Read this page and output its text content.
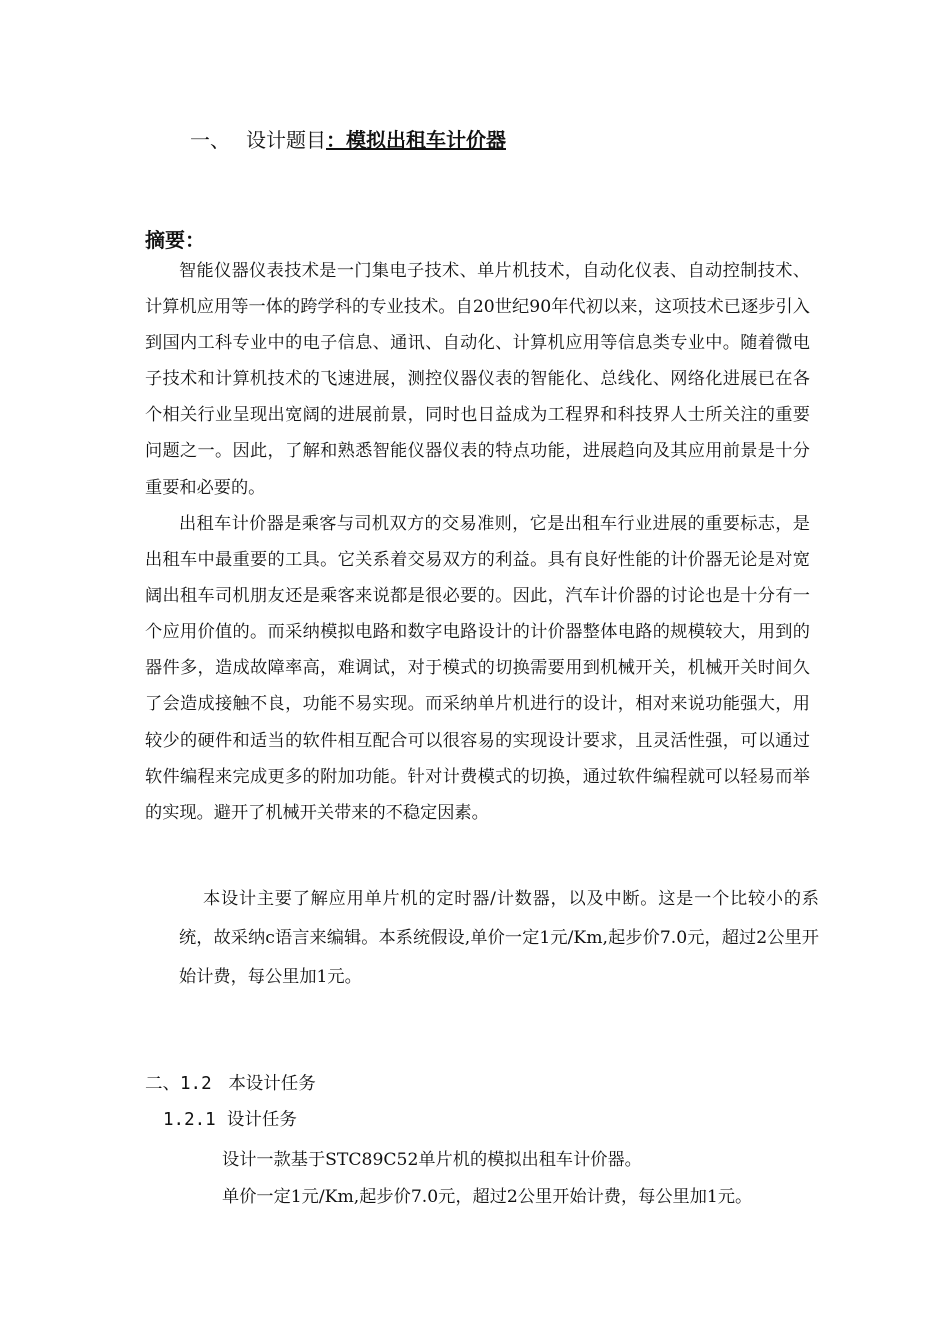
一、 设计题目：模拟出租车计价器
摘要：

智能仪器仪表技术是一门集电子技术、单片机技术，自动化仪表、自动控制技术、计算机应用等一体的跨学科的专业技术。自20世纪90年代初以来，这项技术已逐步引入到国内工科专业中的电子信息、通讯、自动化、计算机应用等信息类专业中。随着微电子技术和计算机技术的飞速进展，测控仪器仪表的智能化、总线化、网络化进展已在各个相关行业呈现出宽阔的进展前景，同时也日益成为工程界和科技界人士所关注的重要问题之一。因此，了解和熟悉智能仪器仪表的特点功能，进展趋向及其应用前景是十分重要和必要的。

出租车计价器是乘客与司机双方的交易准则，它是出租车行业进展的重要标志，是出租车中最重要的工具。它关系着交易双方的利益。具有良好性能的计价器无论是对宽阔出租车司机朋友还是乘客来说都是很必要的。因此，汽车计价器的讨论也是十分有一个应用价值的。而采纳模拟电路和数字电路设计的计价器整体电路的规模较大，用到的器件多，造成故障率高，难调试，对于模式的切换需要用到机械开关，机械开关时间久了会造成接触不良，功能不易实现。而采纳单片机进行的设计，相对来说功能强大，用较少的硬件和适当的软件相互配合可以很容易的实现设计要求，且灵活性强，可以通过软件编程来完成更多的附加功能。针对计费模式的切换，通过软件编程就可以轻易而举的实现。避开了机械开关带来的不稳定因素。

本设计主要了解应用单片机的定时器/计数器，以及中断。这是一个比较小的系统，故采纳c语言来编辑。本系统假设,单价一定1元/Km,起步价7.0元，超过2公里开始计费，每公里加1元。

二、1.2 本设计任务
1.2.1 设计任务
设计一款基于STC89C52单片机的模拟出租车计价器。
单价一定1元/Km,起步价7.0元，超过2公里开始计费，每公里加1元。
